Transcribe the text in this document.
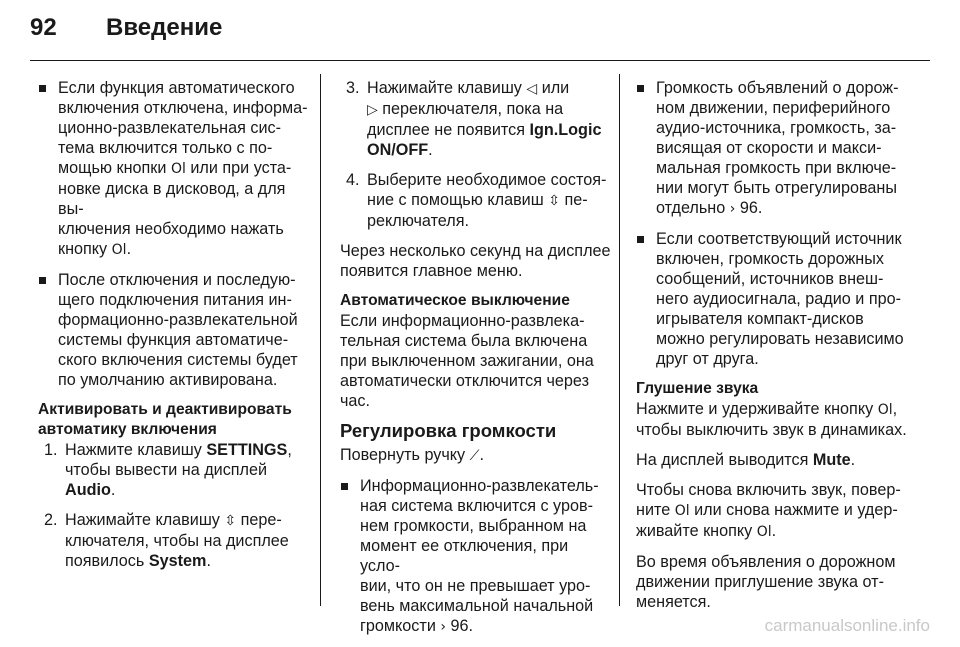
92	Введение
Если функция автоматического
включения отключена, информа-
ционно-развлекательная сис-
тема включится только с по-
мощью кнопки Ol или при уста-
новке диска в дисковод, а для вы-
ключения необходимо нажать
кнопку Ol.
После отключения и последую-
щего подключения питания ин-
формационно-развлекательной
системы функция автоматиче-
ского включения системы будет
по умолчанию активирована.
Активировать и деактивировать
автоматику включения
1. Нажмите клавишу SETTINGS,
чтобы вывести на дисплей
Audio.
2. Нажимайте клавишу ⇳ пере-
ключателя, чтобы на дисплее
появилось System.
3. Нажимайте клавишу ◁ или
▷ переключателя, пока на
дисплее не появится Ign.Logic
ON/OFF.
4. Выберите необходимое состоя-
ние с помощью клавиш ⇳ пе-
реключателя.

Через несколько секунд на дисплее
появится главное меню.

Автоматическое выключение

Если информационно-развлека-
тельная система была включена
при выключенном зажигании, она
автоматически отключится через
час.

Регулировка громкости

Повернуть ручку ⟋.

Информационно-развлекатель-
ная система включится с уров-
нем громкости, выбранном на
момент ее отключения, при усло-
вии, что он не превышает уро-
вень максимальной начальной
громкости › 96.
Громкость объявлений о дорож-
ном движении, периферийного
аудио-источника, громкость, за-
висящая от скорости и макси-
мальная громкость при включе-
нии могут быть отрегулированы
отдельно › 96.
Если соответствующий источник
включен, громкость дорожных
сообщений, источников внеш-
него аудиосигнала, радио и про-
игрывателя компакт-дисков
можно регулировать независимо
друг от друга.
Глушение звука

Нажмите и удерживайте кнопку Ol,
чтобы выключить звук в динамиках.

На дисплей выводится Mute.

Чтобы снова включить звук, повер-
ните Ol или снова нажмите и удер-
живайте кнопку Ol.

Во время объявления о дорожном
движении приглушение звука от-
меняется.

carmanualsonline.info
